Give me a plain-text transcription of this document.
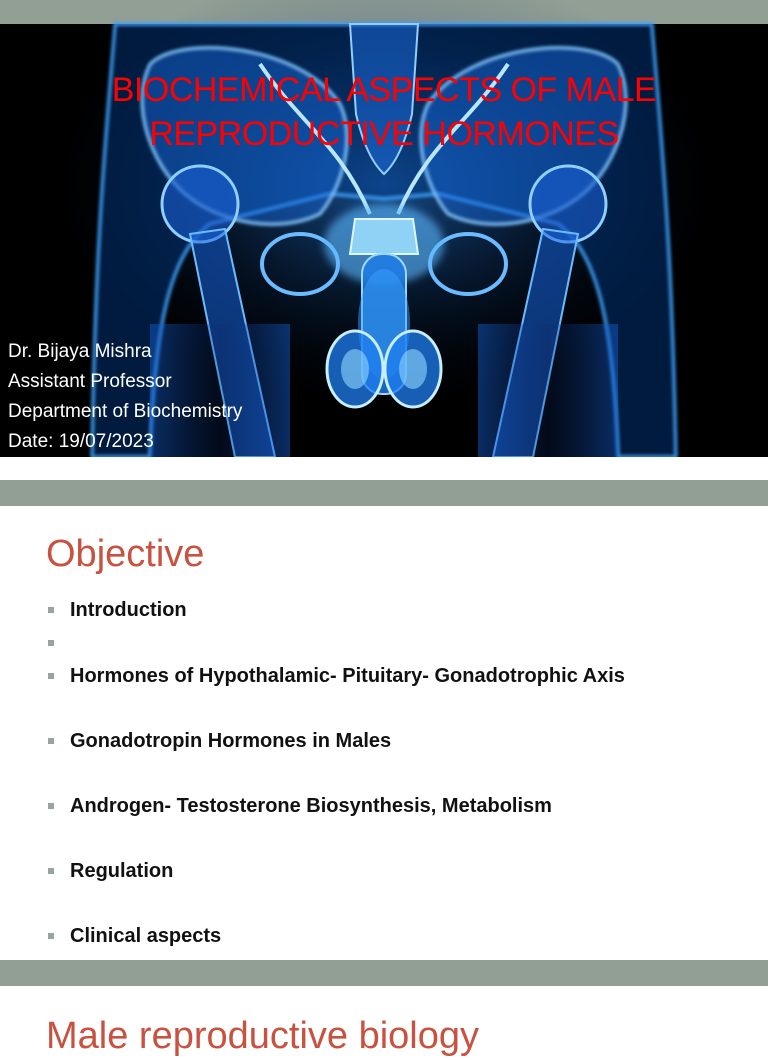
BIOCHEMICAL ASPECTS OF MALE
REPRODUCTIVE HORMONES
Dr. Bijaya Mishra
Assistant Professor
Department of Biochemistry
Date: 19/07/2023
Objective
Introduction
Hormones of Hypothalamic- Pituitary- Gonadotrophic Axis
Gonadotropin Hormones in Males
Androgen- Testosterone Biosynthesis, Metabolism
Regulation
Clinical aspects
Male reproductive biology
